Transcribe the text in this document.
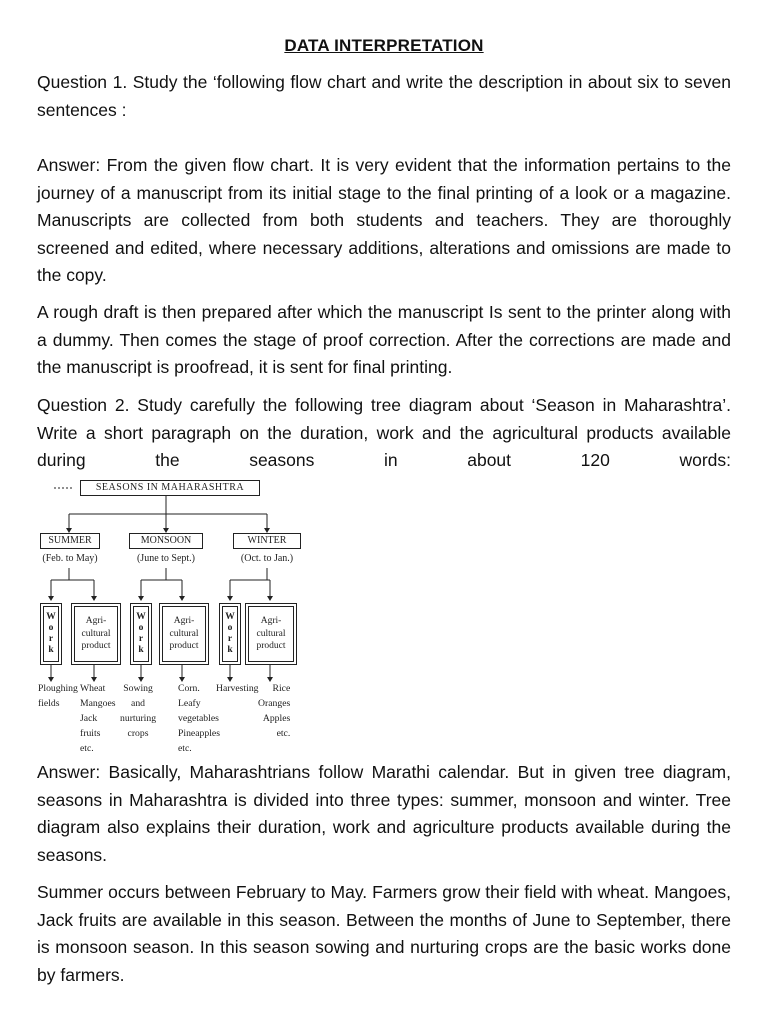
DATA INTERPRETATION

Question 1. Study the ‘following flow chart and write the description in about six to seven sentences :

Answer: From the given flow chart. It is very evident that the information pertains to the journey of a manuscript from its initial stage to the final printing of a look or a magazine. Manuscripts are collected from both students and teachers. They are thoroughly screened and edited, where necessary additions, alterations and omissions are made to the copy.

A rough draft is then prepared after which the manuscript Is sent to the printer along with a dummy. Then comes the stage of proof correction. After the corrections are made and the manuscript is proofread, it is sent for final printing.

Question 2. Study carefully the following tree diagram about ‘Season in Maharashtra’. Write a short paragraph on the duration, work and the agricultural products available during the seasons in about 120 words:

SEASONS IN MAHARASHTRA
SUMMER
(Feb. to May)
MONSOON
(June to Sept.)
WINTER
(Oct. to Jan.)
W
o
r
k
W
o
r
k
W
o
r
k
Agri-
cultural
product
Agri-
cultural
product
Agri-
cultural
product
Ploughing
fields
Wheat
Mangoes
Jack
fruits
etc.
Sowing
and
nurturing
crops
Corn.
Leafy
vegetables
Pineapples
etc.
Harvesting	Rice
Oranges
Apples
etc.

Answer: Basically, Maharashtrians follow Marathi calendar. But in given tree diagram, seasons in Maharashtra is divided into three types: summer, monsoon and winter. Tree diagram also explains their duration, work and agriculture products available during the seasons.

Summer occurs between February to May. Farmers grow their field with wheat. Mangoes, Jack fruits are available in this season. Between the months of June to September, there is monsoon season. In this season sowing and nurturing crops are the basic works done by farmers.
